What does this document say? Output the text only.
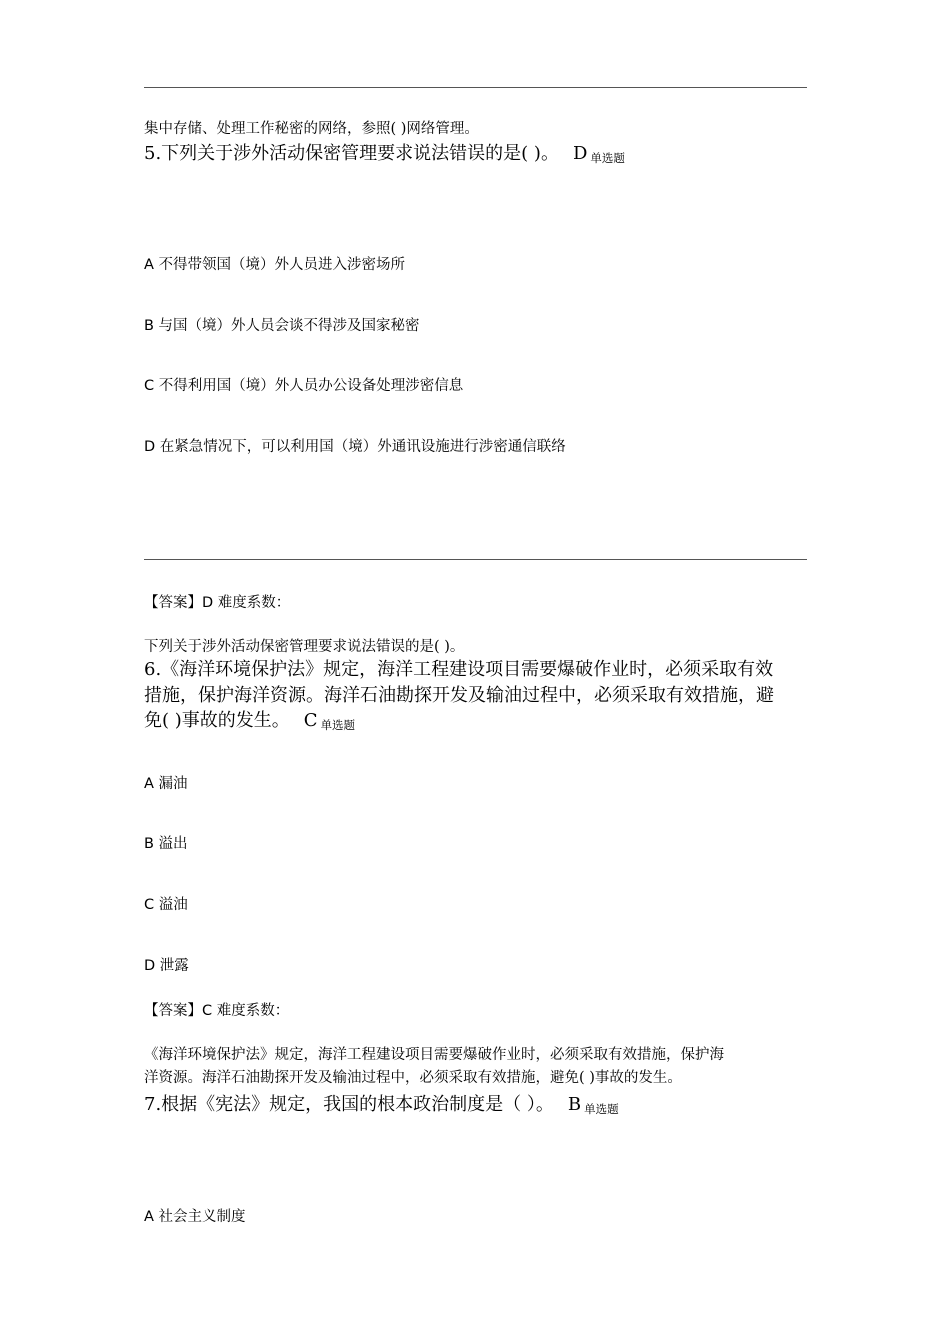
集中存储、处理工作秘密的网络，参照( )网络管理。
5.下列关于涉外活动保密管理要求说法错误的是( )。 D 单选题
A 不得带领国（境）外人员进入涉密场所
B 与国（境）外人员会谈不得涉及国家秘密
C 不得利用国（境）外人员办公设备处理涉密信息
D 在紧急情况下，可以利用国（境）外通讯设施进行涉密通信联络
【答案】D 难度系数：
下列关于涉外活动保密管理要求说法错误的是( )。
6.《海洋环境保护法》规定，海洋工程建设项目需要爆破作业时，必须采取有效
措施，保护海洋资源。海洋石油勘探开发及输油过程中，必须采取有效措施，避
免( )事故的发生。 C 单选题
A 漏油
B 溢出
C 溢油
D 泄露
【答案】C 难度系数：
《海洋环境保护法》规定，海洋工程建设项目需要爆破作业时，必须采取有效措施，保护海
洋资源。海洋石油勘探开发及输油过程中，必须采取有效措施，避免( )事故的发生。
7.根据《宪法》规定，我国的根本政治制度是（ ）。 B 单选题
A 社会主义制度
